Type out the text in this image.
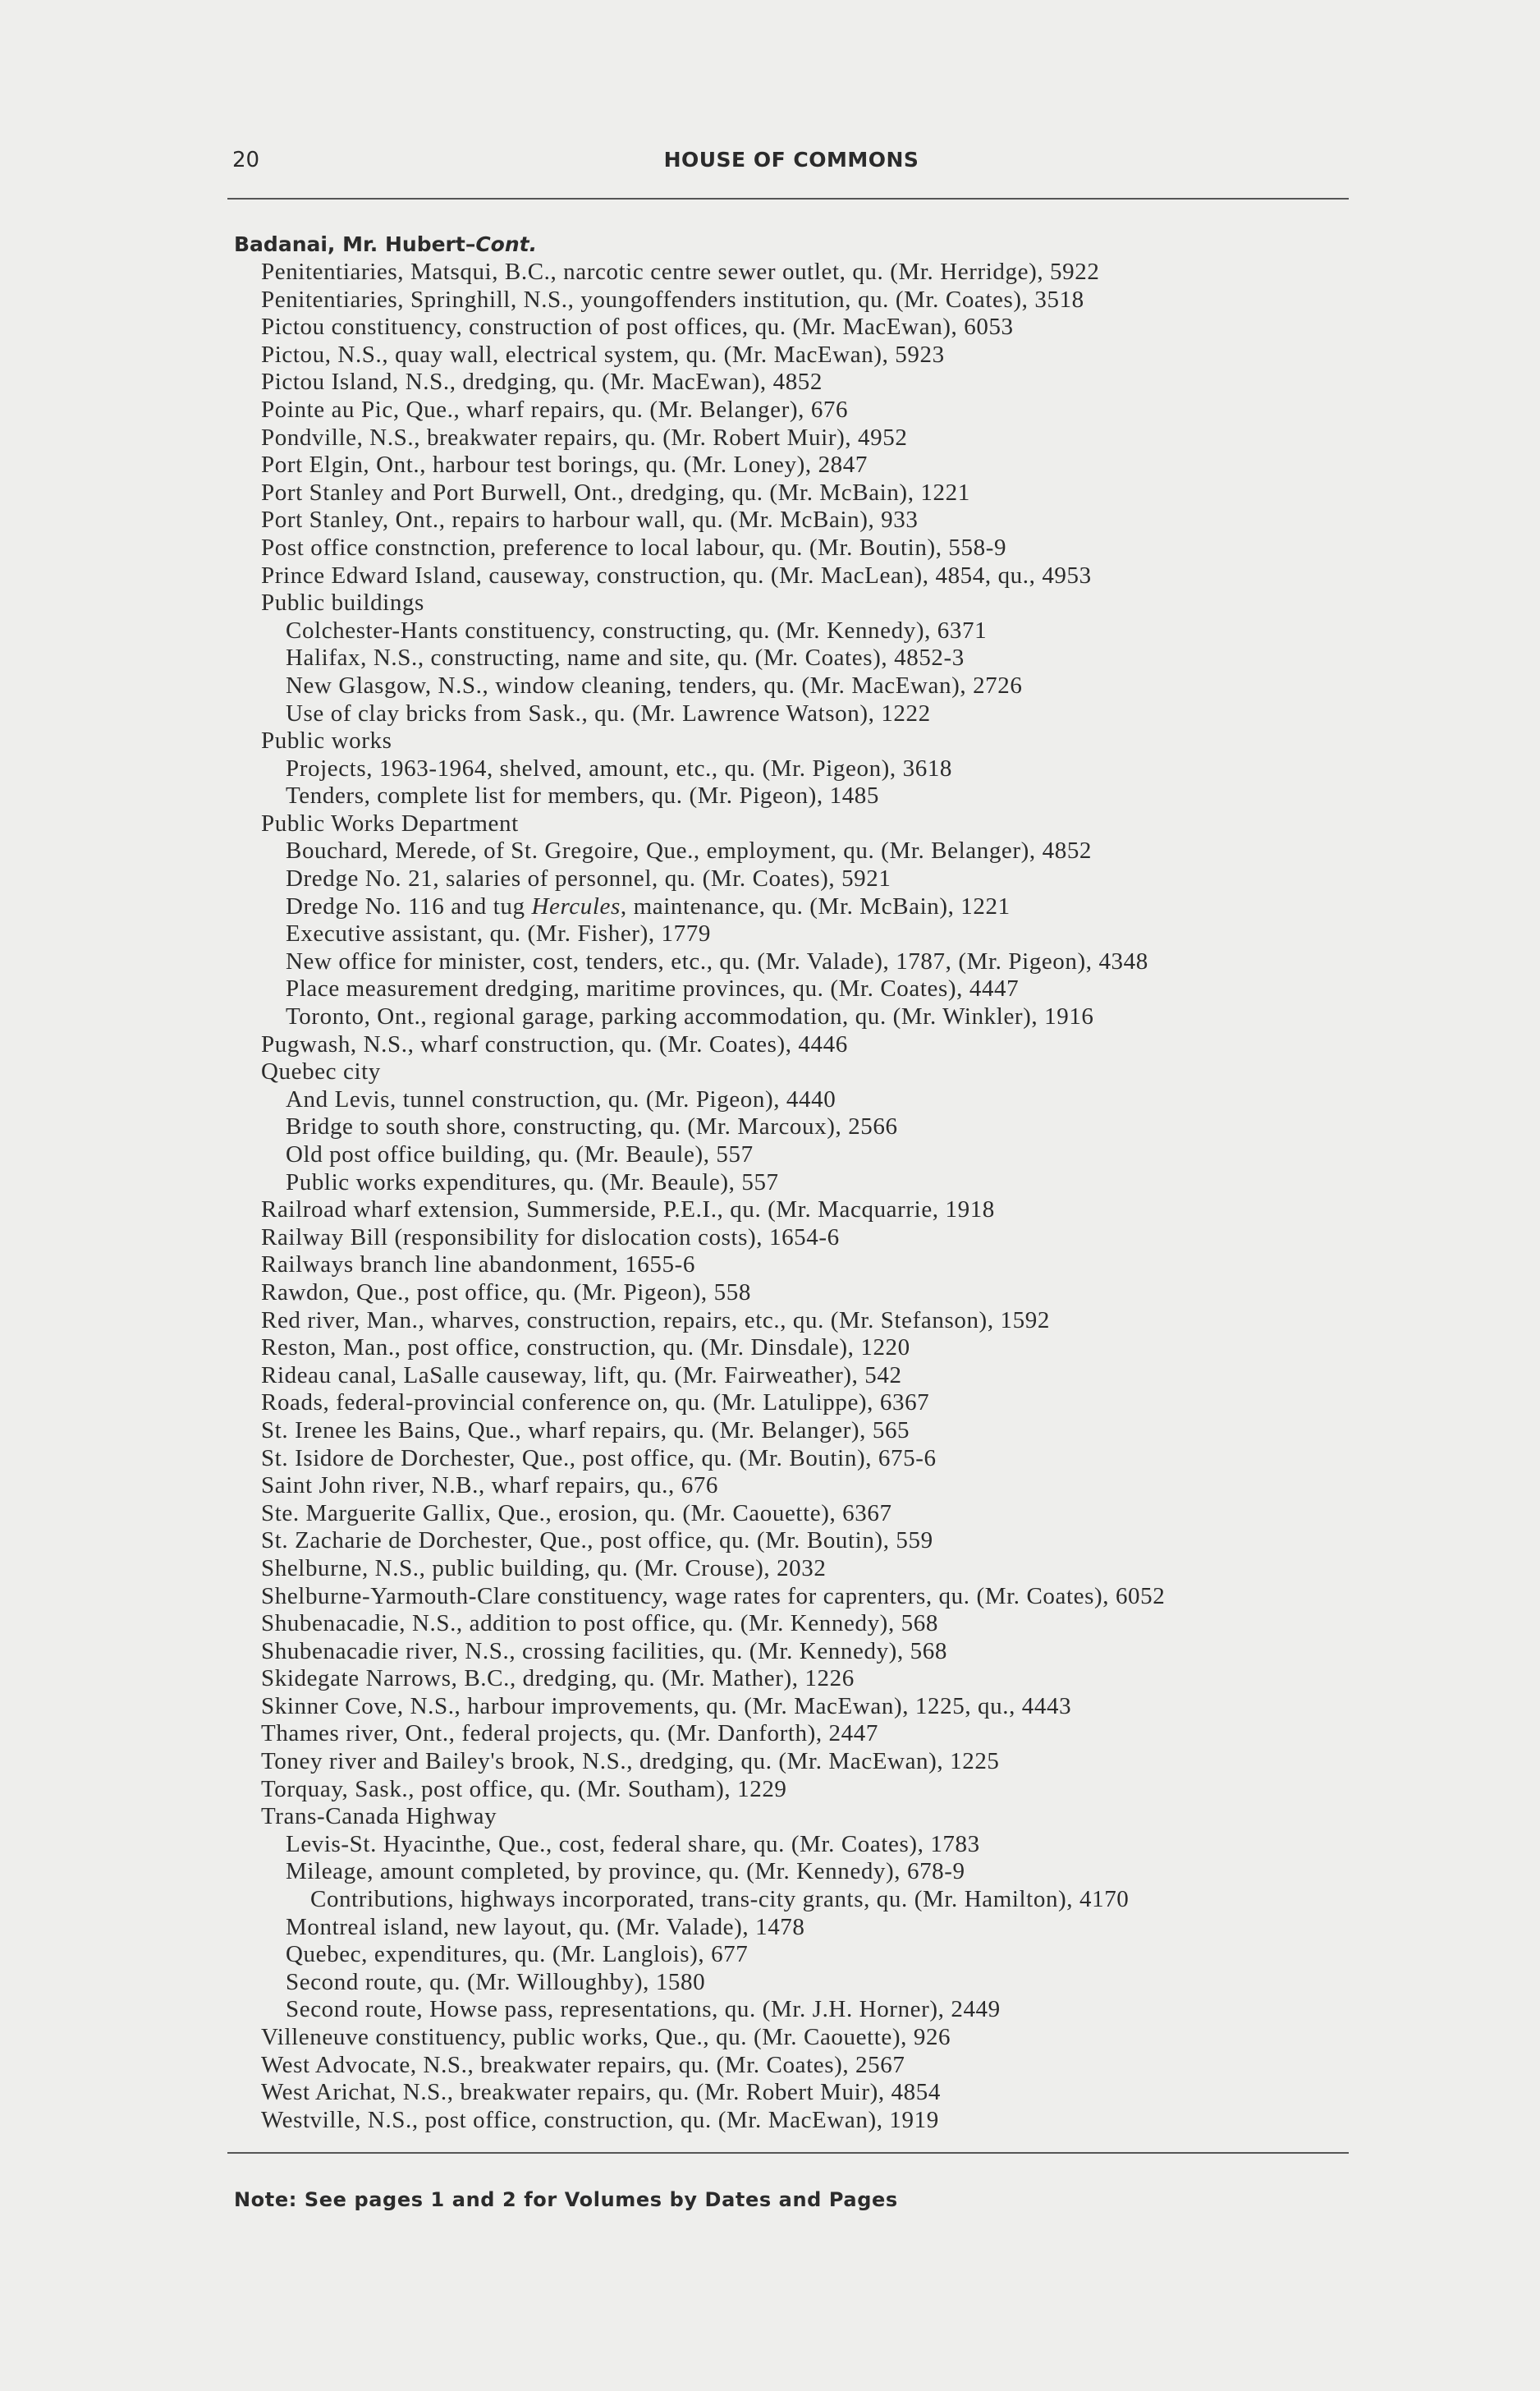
20	HOUSE OF COMMONS
Badanai, Mr. Hubert–Cont.
Penitentiaries, Matsqui, B.C., narcotic centre sewer outlet, qu. (Mr. Herridge), 5922
Penitentiaries, Springhill, N.S., youngoffenders institution, qu. (Mr. Coates), 3518
Pictou constituency, construction of post offices, qu. (Mr. MacEwan), 6053
Pictou, N.S., quay wall, electrical system, qu. (Mr. MacEwan), 5923
Pictou Island, N.S., dredging, qu. (Mr. MacEwan), 4852
Pointe au Pic, Que., wharf repairs, qu. (Mr. Belanger), 676
Pondville, N.S., breakwater repairs, qu. (Mr. Robert Muir), 4952
Port Elgin, Ont., harbour test borings, qu. (Mr. Loney), 2847
Port Stanley and Port Burwell, Ont., dredging, qu. (Mr. McBain), 1221
Port Stanley, Ont., repairs to harbour wall, qu. (Mr. McBain), 933
Post office constnction, preference to local labour, qu. (Mr. Boutin), 558-9
Prince Edward Island, causeway, construction, qu. (Mr. MacLean), 4854, qu., 4953
Public buildings
Colchester-Hants constituency, constructing, qu. (Mr. Kennedy), 6371
Halifax, N.S., constructing, name and site, qu. (Mr. Coates), 4852-3
New Glasgow, N.S., window cleaning, tenders, qu. (Mr. MacEwan), 2726
Use of clay bricks from Sask., qu. (Mr. Lawrence Watson), 1222
Public works
Projects, 1963-1964, shelved, amount, etc., qu. (Mr. Pigeon), 3618
Tenders, complete list for members, qu. (Mr. Pigeon), 1485
Public Works Department
Bouchard, Merede, of St. Gregoire, Que., employment, qu. (Mr. Belanger), 4852
Dredge No. 21, salaries of personnel, qu. (Mr. Coates), 5921
Dredge No. 116 and tug Hercules, maintenance, qu. (Mr. McBain), 1221
Executive assistant, qu. (Mr. Fisher), 1779
New office for minister, cost, tenders, etc., qu. (Mr. Valade), 1787, (Mr. Pigeon), 4348
Place measurement dredging, maritime provinces, qu. (Mr. Coates), 4447
Toronto, Ont., regional garage, parking accommodation, qu. (Mr. Winkler), 1916
Pugwash, N.S., wharf construction, qu. (Mr. Coates), 4446
Quebec city
And Levis, tunnel construction, qu. (Mr. Pigeon), 4440
Bridge to south shore, constructing, qu. (Mr. Marcoux), 2566
Old post office building, qu. (Mr. Beaule), 557
Public works expenditures, qu. (Mr. Beaule), 557
Railroad wharf extension, Summerside, P.E.I., qu. (Mr. Macquarrie, 1918
Railway Bill (responsibility for dislocation costs), 1654-6
Railways branch line abandonment, 1655-6
Rawdon, Que., post office, qu. (Mr. Pigeon), 558
Red river, Man., wharves, construction, repairs, etc., qu. (Mr. Stefanson), 1592
Reston, Man., post office, construction, qu. (Mr. Dinsdale), 1220
Rideau canal, LaSalle causeway, lift, qu. (Mr. Fairweather), 542
Roads, federal-provincial conference on, qu. (Mr. Latulippe), 6367
St. Irenee les Bains, Que., wharf repairs, qu. (Mr. Belanger), 565
St. Isidore de Dorchester, Que., post office, qu. (Mr. Boutin), 675-6
Saint John river, N.B., wharf repairs, qu., 676
Ste. Marguerite Gallix, Que., erosion, qu. (Mr. Caouette), 6367
St. Zacharie de Dorchester, Que., post office, qu. (Mr. Boutin), 559
Shelburne, N.S., public building, qu. (Mr. Crouse), 2032
Shelburne-Yarmouth-Clare constituency, wage rates for caprenters, qu. (Mr. Coates), 6052
Shubenacadie, N.S., addition to post office, qu. (Mr. Kennedy), 568
Shubenacadie river, N.S., crossing facilities, qu. (Mr. Kennedy), 568
Skidegate Narrows, B.C., dredging, qu. (Mr. Mather), 1226
Skinner Cove, N.S., harbour improvements, qu. (Mr. MacEwan), 1225, qu., 4443
Thames river, Ont., federal projects, qu. (Mr. Danforth), 2447
Toney river and Bailey's brook, N.S., dredging, qu. (Mr. MacEwan), 1225
Torquay, Sask., post office, qu. (Mr. Southam), 1229
Trans-Canada Highway
Levis-St. Hyacinthe, Que., cost, federal share, qu. (Mr. Coates), 1783
Mileage, amount completed, by province, qu. (Mr. Kennedy), 678-9
Contributions, highways incorporated, trans-city grants, qu. (Mr. Hamilton), 4170
Montreal island, new layout, qu. (Mr. Valade), 1478
Quebec, expenditures, qu. (Mr. Langlois), 677
Second route, qu. (Mr. Willoughby), 1580
Second route, Howse pass, representations, qu. (Mr. J.H. Horner), 2449
Villeneuve constituency, public works, Que., qu. (Mr. Caouette), 926
West Advocate, N.S., breakwater repairs, qu. (Mr. Coates), 2567
West Arichat, N.S., breakwater repairs, qu. (Mr. Robert Muir), 4854
Westville, N.S., post office, construction, qu. (Mr. MacEwan), 1919
Note: See pages 1 and 2 for Volumes by Dates and Pages
